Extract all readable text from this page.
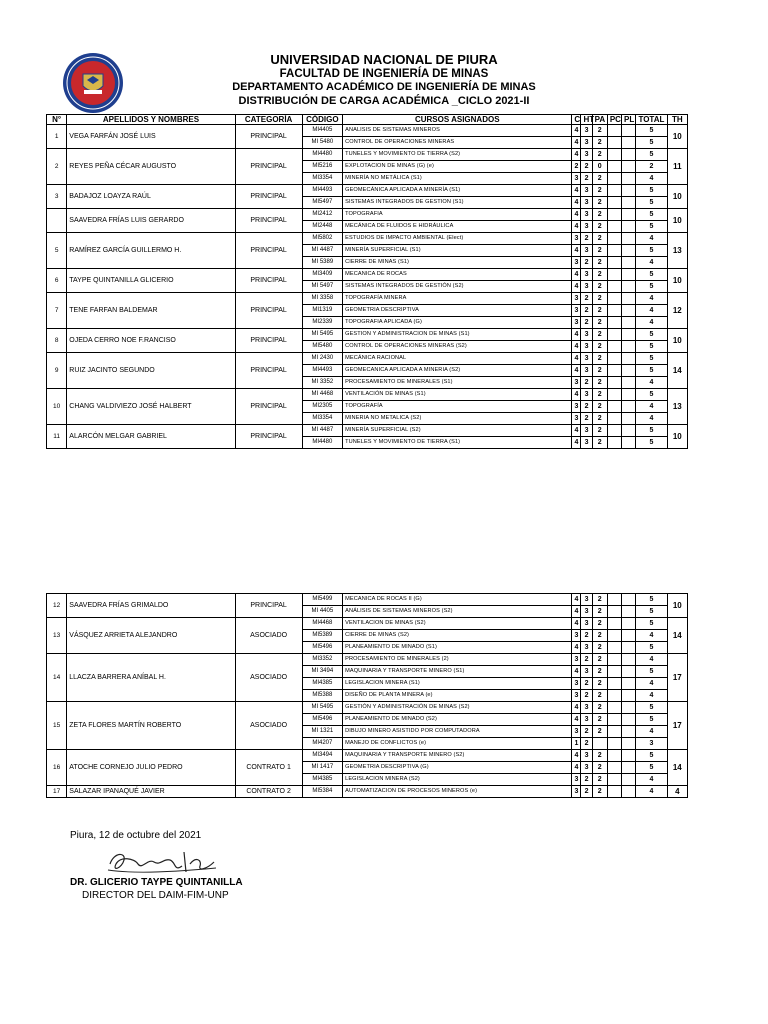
UNIVERSIDAD NACIONAL DE PIURA
FACULTAD DE INGENIERÍA DE MINAS
DEPARTAMENTO ACADÉMICO DE INGENIERÍA DE MINAS
DISTRIBUCIÓN DE CARGA ACADÉMICA _CICLO 2021-II
N°	APELLIDOS Y NOMBRES	CATEGORÍA	CÓDIGO	CURSOS ASIGNADOS	C	HT	PA	PC	PL	TOTAL	TH
1	VEGA FARFÁN JOSÉ LUIS	PRINCIPAL	MI4405	ANALISIS DE SISTEMAS MINEROS	4	3	2			5	10
			MI 5480	CONTROL DE OPERACIONES MINERAS	4	3	2			5	
2	REYES PEÑA CÉCAR AUGUSTO	PRINCIPAL	MI4480	TUNELES Y MOVIMIENTO DE TIERRA (S2)	4	3	2			5	11
			MI5216	EXPLOTACION DE MINAS (G) (e)	2	2	0			2	
			MI3354	MINERÍA NO METÁLICA (S1)	3	2	2			4	
3	BADAJOZ LOAYZA RAÚL	PRINCIPAL	MI4493	GEOMECÁNICA APLICADA A MINERÍA (S1)	4	3	2			5	10
			MI5497	SISTEMAS INTEGRADOS DE GESTION (S1)	4	3	2			5	
	SAAVEDRA FRÍAS LUIS GERARDO	PRINCIPAL	MI2412	TOPOGRAFIA	4	3	2			5	10
			MI2448	MECÁNICA DE FLUIDOS E HIDRÁULICA	4	3	2			5	
5	RAMÍREZ GARCÍA GUILLERMO H.	PRINCIPAL	MI5802	ESTUDIOS DE IMPACTO AMBIENTAL (Elect)	3	2	2			4	13
			MI 4487	MINERÍA SUPERFICIAL (S1)	4	3	2			5	
			MI 5389	CIERRE DE MINAS (S1)	3	2	2			4	
6	TAYPE QUINTANILLA GLICERIO	PRINCIPAL	MI3409	MECANICA DE ROCAS	4	3	2			5	10
			MI 5497	SISTEMAS INTEGRADOS DE GESTIÓN (S2)	4	3	2			5	
7	TENE FARFAN BALDEMAR	PRINCIPAL	MI 3358	TOPOGRAFÍA MINERA	3	2	2			4	12
			MI1319	GEOMETRIA DESCRIPTIVA	3	2	2			4	
			MI2339	TOPOGRAFIA APLICADA (G)	3	2	2			4	
8	OJEDA CERRO NOE F.RANCISO	PRINCIPAL	MI 5495	GESTION Y ADMINISTRACION DE MINAS (S1)	4	3	2			5	10
			MI5480	CONTROL DE OPERACIONES MINERAS (S2)	4	3	2			5	
9	RUIZ JACINTO SEGUNDO	PRINCIPAL	MI 2430	MECÁNICA RACIONAL	4	3	2			5	14
			MI4493	GEOMECANICA APLICADA A MINERIA (S2)	4	3	2			5	
			MI 3352	PROCESAMIENTO DE MINERALES (S1)	3	2	2			4	
10	CHANG VALDIVIEZO JOSÉ HALBERT	PRINCIPAL	MI 4468	VENTILACIÓN DE MINAS (S1)	4	3	2			5	13
			MI2305	TOPOGRAFÍA	3	2	2			4	
			MI3354	MINERIA NO METALICA (S2)	3	2	2			4	
11	ALARCÓN MELGAR GABRIEL	PRINCIPAL	MI 4487	MINERÍA SUPERFICIAL (S2)	4	3	2			5	10
			MI4480	TUNELES Y MOVIMIENTO DE TIERRA (S1)	4	3	2			5	
12	SAAVEDRA FRÍAS GRIMALDO	PRINCIPAL	MI5499	MECANICA DE ROCAS II (G)	4	3	2			5	10
			MI 4405	ANÁLISIS DE SISTEMAS MINEROS (S2)	4	3	2			5	
13	VÁSQUEZ ARRIETA ALEJANDRO	ASOCIADO	MI4468	VENTILACION DE MINAS (S2)	4	3	2			5	14
			MI5389	CIERRE DE MINAS (S2)	3	2	2			4	
			MI5496	PLANEAMIENTO DE MINADO (S1)	4	3	2			5	
14	LLACZA BARRERA ANÍBAL H.	ASOCIADO	MI3352	PROCESAMIENTO DE MINERALES (2)	3	2	2			4	17
			MI 3494	MAQUINARIA Y TRANSPORTE MINERO (S1)	4	3	2			5	
			MI4385	LEGISLACION MINERA (S1)	3	2	2			4	
			MI5388	DISEÑO DE PLANTA MINERA (e)	3	2	2			4	
15	ZETA FLORES MARTÍN ROBERTO	ASOCIADO	MI 5495	GESTIÓN Y ADMINISTRACIÓN DE MINAS (S2)	4	3	2			5	17
			MI5496	PLANEAMIENTO DE MINADO (S2)	4	3	2			5	
			MI 1321	DIBUJO MINERO ASISTIDO POR COMPUTADORA	3	2	2			4	
			MI4207	MANEJO DE CONFLICTOS (e)	1	2				3	
16	ATOCHE CORNEJO JULIO PEDRO	CONTRATO 1	MI3494	MAQUINARIA Y TRANSPORTE MINERO (S2)	4	3	2			5	14
			MI 1417	GEOMETRIA DESCRIPTIVA (G)	4	3	2			5	
			MI4385	LEGISLACION MINERA (S2)	3	2	2			4	
17	SALAZAR IPANAQUÉ JAVIER	CONTRATO 2	MI5384	AUTOMATIZACION DE PROCESOS MINEROS (e)	3	2	2			4	4
Piura, 12 de octubre del 2021
DR. GLICERIO TAYPE QUINTANILLA
DIRECTOR DEL DAIM-FIM-UNP
